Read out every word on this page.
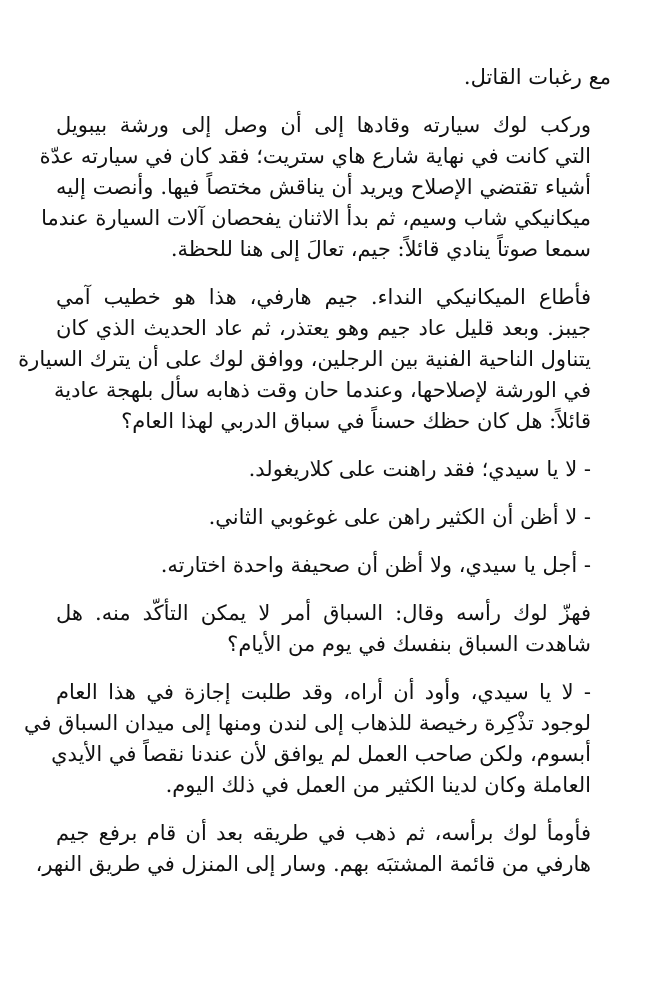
مع رغبات القاتل.

وركب لوك سيارته وقادها إلى أن وصل إلى ورشة بيبويل
التي كانت في نهاية شارع هاي ستريت؛ فقد كان في سيارته عدّة
أشياء تقتضي الإصلاح ويريد أن يناقش مختصاً فيها. وأنصت إليه
ميكانيكي شاب وسيم، ثم بدأ الاثنان يفحصان آلات السيارة عندما
سمعا صوتاً ينادي قائلاً: جيم، تعالَ إلى هنا للحظة.

فأطاع الميكانيكي النداء. جيم هارفي، هذا هو خطيب آمي
جيبز. وبعد قليل عاد جيم وهو يعتذر، ثم عاد الحديث الذي كان
يتناول الناحية الفنية بين الرجلين، ووافق لوك على أن يترك السيارة
في الورشة لإصلاحها، وعندما حان وقت ذهابه سأل بلهجة عادية
قائلاً: هل كان حظك حسناً في سباق الدربي لهذا العام؟

- لا يا سيدي؛ فقد راهنت على كلاريغولد.

- لا أظن أن الكثير راهن على غوغوبي الثاني.

- أجل يا سيدي، ولا أظن أن صحيفة واحدة اختارته.

فهزّ لوك رأسه وقال: السباق أمر لا يمكن التأكّد منه. هل
شاهدت السباق بنفسك في يوم من الأيام؟

- لا يا سيدي، وأود أن أراه، وقد طلبت إجازة في هذا العام
لوجود تذْكِرة رخيصة للذهاب إلى لندن ومنها إلى ميدان السباق في
أبسوم، ولكن صاحب العمل لم يوافق لأن عندنا نقصاً في الأيدي
العاملة وكان لدينا الكثير من العمل في ذلك اليوم.

فأومأ لوك برأسه، ثم ذهب في طريقه بعد أن قام برفع جيم
هارفي من قائمة المشتبَه بهم. وسار إلى المنزل في طريق النهر،
